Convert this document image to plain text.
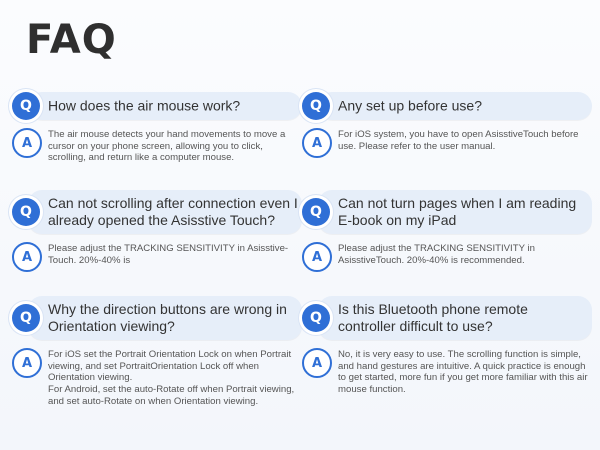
FAQ
Q	How does the air mouse work?
A
The air mouse detects your hand movements to move a cursor on your phone screen, allowing you to click, scrolling, and return like a computer mouse.
Q	Any set up before use?
A
For iOS system, you have to open AsisstiveTouch before use. Please refer to the user manual.
Q
Can not scrolling after connection even I already opened the Asisstive Touch?
A
Please adjust the TRACKING SENSITIVITY in Asisstive-Touch. 20%-40% is
Q
Can not turn pages when I am reading E-book on my iPad
A
Please adjust the TRACKING SENSITIVITY in AsisstiveTouch. 20%-40% is recommended.
Q
Why the direction buttons are wrong in Orientation viewing?
A
For iOS set the Portrait Orientation Lock on when Portrait viewing, and set PortraitOrientation Lock off when Orientation viewing.
For Android, set the auto-Rotate off when Portrait viewing, and set auto-Rotate on when Orientation viewing.
Q
Is this Bluetooth phone remote controller difficult to use?
A
No, it is very easy to use. The scrolling function is simple, and hand gestures are intuitive. A quick practice is enough to get started, more fun if you get more familiar with this air mouse function.
